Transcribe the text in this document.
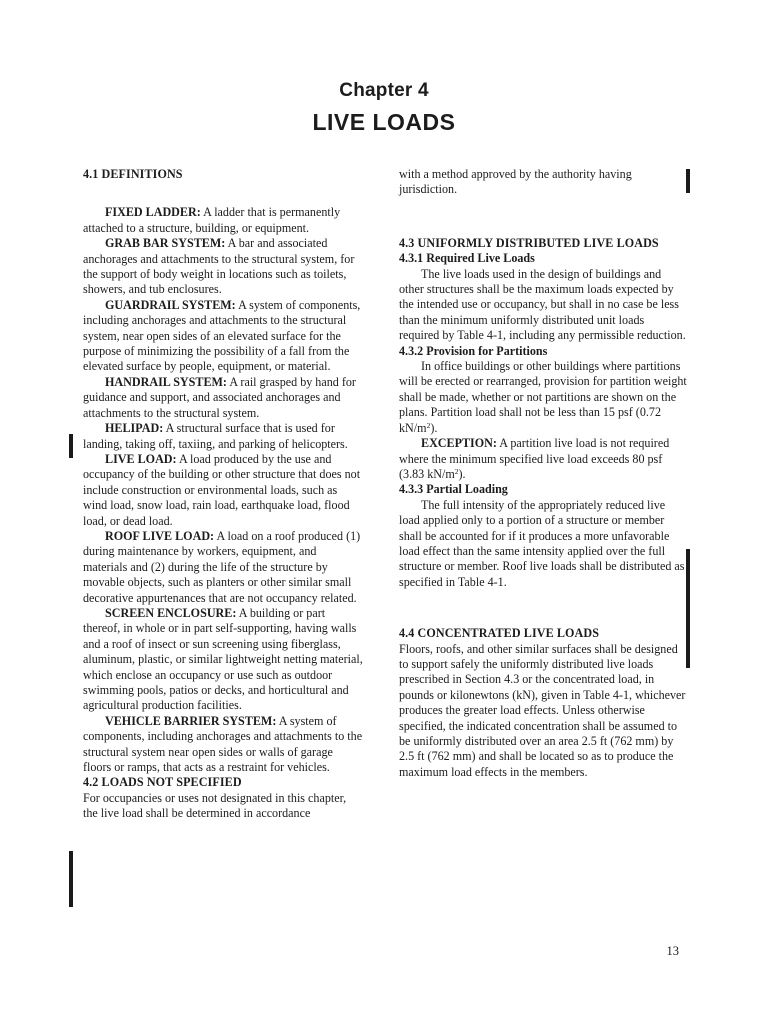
Chapter 4
LIVE LOADS

4.1 DEFINITIONS

FIXED LADDER: A ladder that is permanently attached to a structure, building, or equipment.

GRAB BAR SYSTEM: A bar and associated anchorages and attachments to the structural system, for the support of body weight in locations such as toilets, showers, and tub enclosures.

GUARDRAIL SYSTEM: A system of components, including anchorages and attachments to the structural system, near open sides of an elevated surface for the purpose of minimizing the possibility of a fall from the elevated surface by people, equipment, or material.

HANDRAIL SYSTEM: A rail grasped by hand for guidance and support, and associated anchorages and attachments to the structural system.

HELIPAD: A structural surface that is used for landing, taking off, taxiing, and parking of helicopters.

LIVE LOAD: A load produced by the use and occupancy of the building or other structure that does not include construction or environmental loads, such as wind load, snow load, rain load, earthquake load, flood load, or dead load.

ROOF LIVE LOAD: A load on a roof produced (1) during maintenance by workers, equipment, and materials and (2) during the life of the structure by movable objects, such as planters or other similar small decorative appurtenances that are not occupancy related.

SCREEN ENCLOSURE: A building or part thereof, in whole or in part self-supporting, having walls and a roof of insect or sun screening using fiberglass, aluminum, plastic, or similar lightweight netting material, which enclose an occupancy or use such as outdoor swimming pools, patios or decks, and horticultural and agricultural production facilities.

VEHICLE BARRIER SYSTEM: A system of components, including anchorages and attachments to the structural system near open sides or walls of garage floors or ramps, that acts as a restraint for vehicles.

4.2 LOADS NOT SPECIFIED

For occupancies or uses not designated in this chapter, the live load shall be determined in accordance

with a method approved by the authority having jurisdiction.

4.3 UNIFORMLY DISTRIBUTED LIVE LOADS

4.3.1 Required Live Loads

The live loads used in the design of buildings and other structures shall be the maximum loads expected by the intended use or occupancy, but shall in no case be less than the minimum uniformly distributed unit loads required by Table 4-1, including any permissible reduction.

4.3.2 Provision for Partitions

In office buildings or other buildings where partitions will be erected or rearranged, provision for partition weight shall be made, whether or not partitions are shown on the plans. Partition load shall not be less than 15 psf (0.72 $kN/m^2$).

EXCEPTION: A partition live load is not required where the minimum specified live load exceeds 80 psf (3.83 $kN/m^2$).

4.3.3 Partial Loading

The full intensity of the appropriately reduced live load applied only to a portion of a structure or member shall be accounted for if it produces a more unfavorable load effect than the same intensity applied over the full structure or member. Roof live loads shall be distributed as specified in Table 4-1.

4.4 CONCENTRATED LIVE LOADS

Floors, roofs, and other similar surfaces shall be designed to support safely the uniformly distributed live loads prescribed in Section 4.3 or the concentrated load, in pounds or kilonewtons (kN), given in Table 4-1, whichever produces the greater load effects. Unless otherwise specified, the indicated concentration shall be assumed to be uniformly distributed over an area 2.5 ft (762 mm) by 2.5 ft (762 mm) and shall be located so as to produce the maximum load effects in the members.

13
